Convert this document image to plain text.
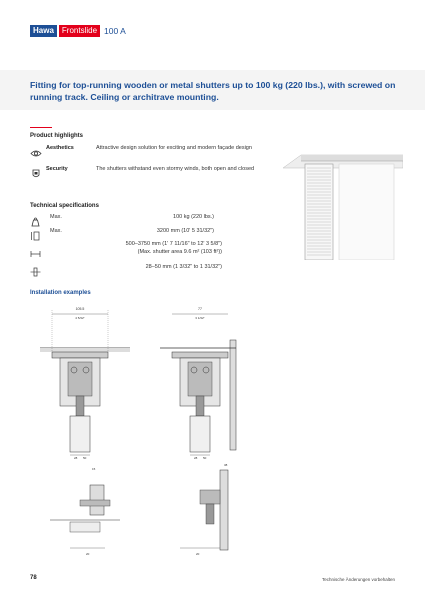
Hawa	Frontslide 100 A
Fitting for top-running wooden or metal shutters up to 100 kg (220 lbs.), with screwed on running track. Ceiling or architrave mounting.
Product highlights
Aesthetics	Attractive design solution for exciting and modern façade design
Security	The shutters withstand even stormy winds, both open and closed
Technical specifications
Max.	100 kg (220 lbs.)
Max.	3200 mm (10' 5 31/32")
500–3750 mm (1' 7 11/16" to 12' 3 5/8")
(Max. shutter area 9.6 m² (103 ft²))
28–50 mm (1 3/32" to 1 31/32")
Installation examples
105.5
4 5/32"
28 50
77
3 1/32"
28 50
15
20
38
20
78	Technische Änderungen vorbehalten
